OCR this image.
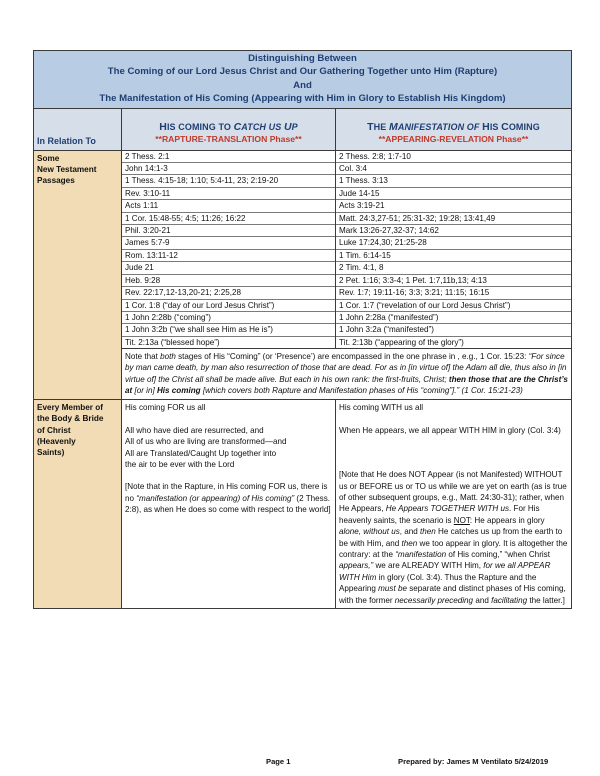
Distinguishing Between
The Coming of our Lord Jesus Christ and Our Gathering Together unto Him (Rapture)
And
The Manifestation of His Coming (Appearing with Him in Glory to Establish His Kingdom)
In Relation To
HIS COMING TO CATCH US UP
**RAPTURE-TRANSLATION Phase**
THE MANIFESTATION OF HIS COMING
**APPEARING-REVELATION Phase**
Some
New Testament
Passages
2 Thess. 2:1
John 14:1-3
1 Thess. 4:15-18; 1:10; 5:4-11, 23; 2:19-20
Rev. 3:10-11
Acts 1:11
1 Cor. 15:48-55; 4:5; 11:26; 16:22
Phil. 3:20-21
James 5:7-9
Rom. 13:11-12
Jude 21
Heb. 9:28
Rev. 22:17,12-13,20-21; 2:25,28
1 Cor. 1:8 (“day of our Lord Jesus Christ”)
1 John 2:28b (“coming”)
1 John 3:2b (“we shall see Him as He is”)
Tit. 2:13a (“blessed hope”)
2 Thess. 2:8; 1:7-10
Col. 3:4
1 Thess. 3:13
Jude 14-15
Acts 3:19-21
Matt. 24:3,27-51; 25:31-32; 19:28; 13:41,49
Mark 13:26-27,32-37; 14:62
Luke 17:24,30; 21:25-28
1 Tim. 6:14-15
2 Tim. 4:1, 8
2 Pet. 1:16; 3:3-4; 1 Pet. 1:7,11b,13; 4:13
Rev. 1:7; 19:11-16; 3:3; 3:21; 11:15; 16:15
1 Cor. 1:7 (“revelation of our Lord Jesus Christ”)
1 John 2:28a (“manifested”)
1 John 3:2a (“manifested”)
Tit. 2:13b (“appearing of the glory”)
Note that both stages of His “Coming” (or ‘Presence’) are encompassed in the one phrase in , e.g., 1 Cor. 15:23: “For since by man came death, by man also resurrection of those that are dead. For as in [in virtue of] the Adam all die, thus also in [in virtue of] the Christ all shall be made alive. But each in his own rank: the first-fruits, Christ; then those that are the Christ’s at [or in] His coming [which covers both Rapture and Manifestation phases of His “coming”].” (1 Cor. 15:21-23)
Every Member of
the Body & Bride
of Christ
(Heavenly
Saints)
His coming FOR us all
All who have died are resurrected, and
All of us who are living are transformed—and
All are Translated/Caught Up together into
the air to be ever with the Lord
[Note that in the Rapture, in His coming FOR us, there is no “manifestation (or appearing) of His coming” (2 Thess. 2:8), as when He does so come with respect to the world]
His coming WITH us all
When He appears, we all appear WITH HIM in glory (Col. 3:4)
[Note that He does NOT Appear (is not Manifested) WITHOUT us or BEFORE us or TO us while we are yet on earth (as is true of other subsequent groups, e.g., Matt. 24:30-31); rather, when He Appears, He Appears TOGETHER WITH us. For His heavenly saints, the scenario is NOT: He appears in glory alone, without us, and then He catches us up from the earth to be with Him, and then we too appear in glory. It is altogether the contrary: at the “manifestation of His coming,” “when Christ appears,” we are ALREADY WITH Him, for we all APPEAR WITH Him in glory (Col. 3:4). Thus the Rapture and the Appearing must be separate and distinct phases of His coming, with the former necessarily preceding and facilitating the latter.]
Page 1	Prepared by: James M Ventilato 5/24/2019
